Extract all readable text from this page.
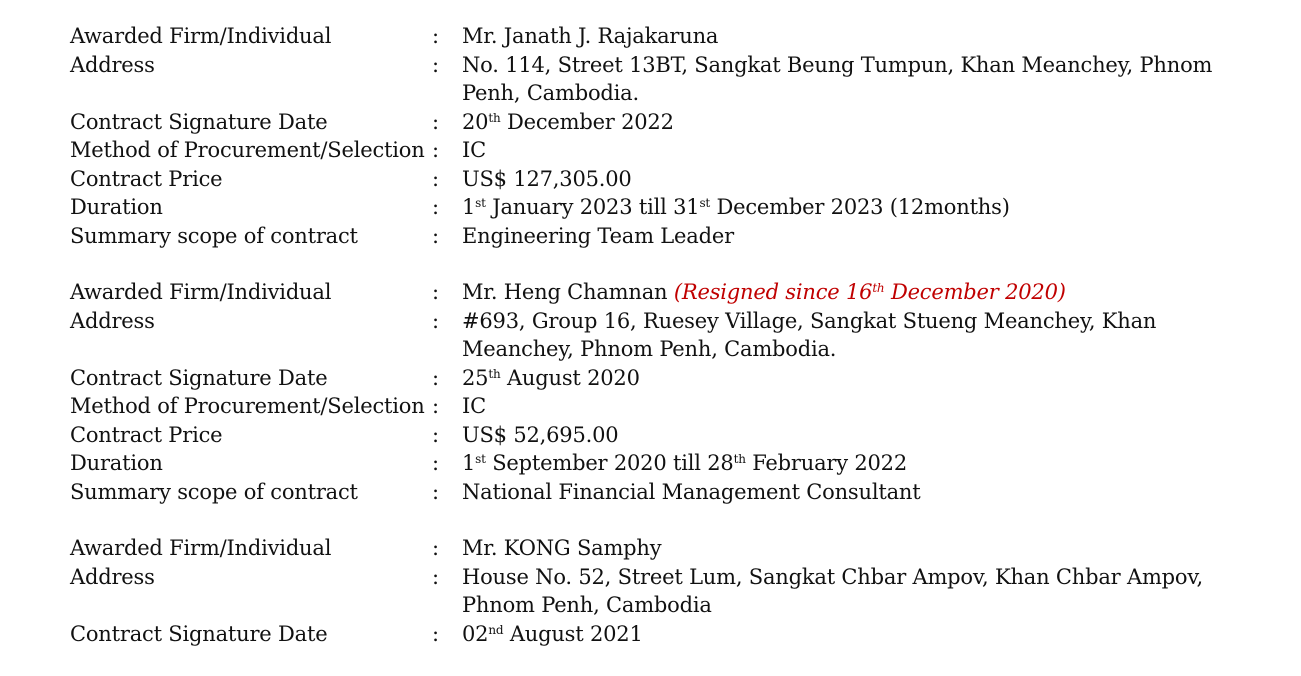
Awarded Firm/Individual	: Mr. Janath J. Rajakaruna
Address	: No. 114, Street 13BT, Sangkat Beung Tumpun, Khan Meanchey, Phnom Penh, Cambodia.
Contract Signature Date	: 20th December 2022
Method of Procurement/Selection : IC
Contract Price	: US$ 127,305.00
Duration	: 1st January 2023 till 31st December 2023 (12months)
Summary scope of contract	: Engineering Team Leader
Awarded Firm/Individual	: Mr. Heng Chamnan (Resigned since 16th December 2020)
Address	: #693, Group 16, Ruesey Village, Sangkat Stueng Meanchey, Khan Meanchey, Phnom Penh, Cambodia.
Contract Signature Date	: 25th August 2020
Method of Procurement/Selection : IC
Contract Price	: US$ 52,695.00
Duration	: 1st September 2020 till 28th February 2022
Summary scope of contract	: National Financial Management Consultant
Awarded Firm/Individual	: Mr. KONG Samphy
Address	: House No. 52, Street Lum, Sangkat Chbar Ampov, Khan Chbar Ampov, Phnom Penh, Cambodia
Contract Signature Date	: 02nd August 2021
